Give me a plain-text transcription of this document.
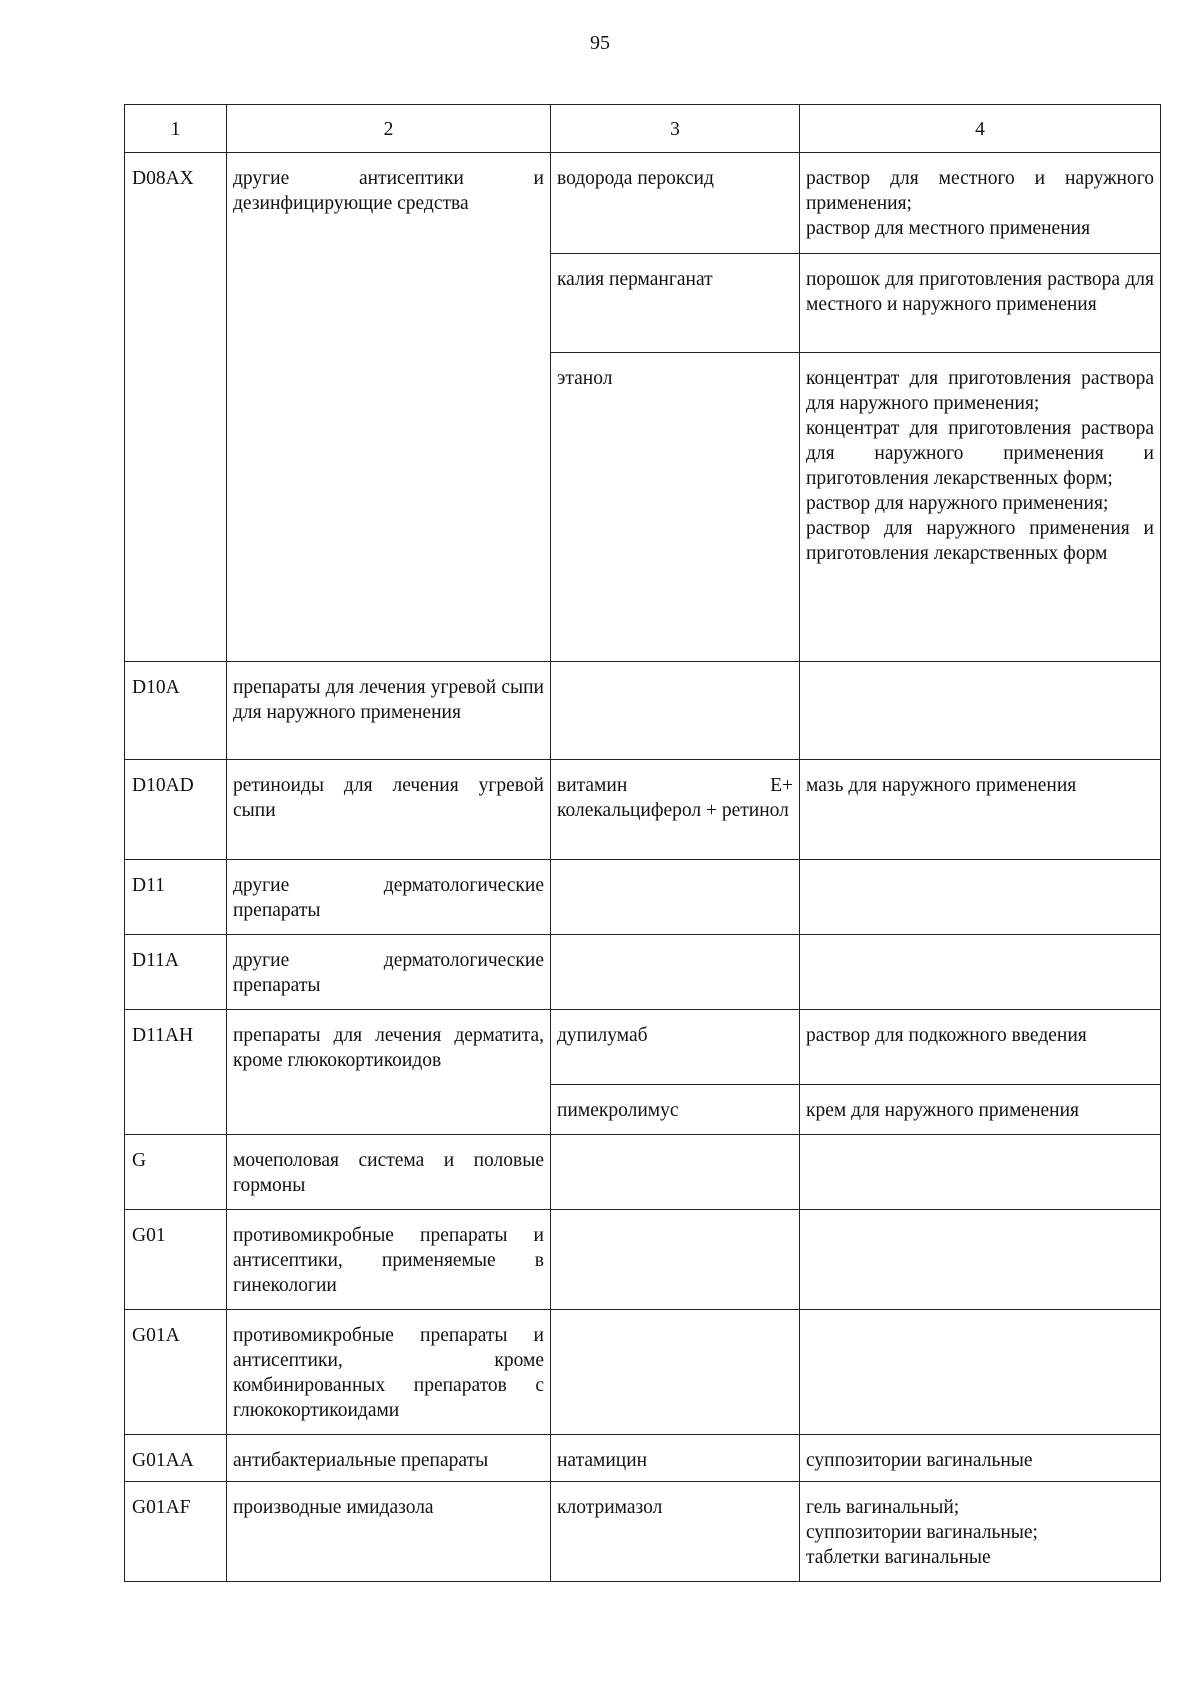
95
1	2	3	4
D08AX	другие антисептики и дезинфицирующие средства	водорода пероксид	раствор для местного и наружного применения;
раствор для местного применения

		калия перманганат	порошок для приготовления раствора для местного и наружного применения

		этанол	концентрат для приготовления раствора для наружного применения;
концентрат для приготовления раствора для наружного применения и приготовления лекарственных форм;
раствор для наружного применения;
раствор для наружного применения и приготовления лекарственных форм

D10A	препараты для лечения угревой сыпи для наружного применения		
D10AD	ретиноиды для лечения угревой сыпи	витамин Е+ колекальциферол + ретинол	мазь для наружного применения

D11	другие дерматологические препараты		
D11A	другие дерматологические препараты		
D11AH	препараты для лечения дерматита, кроме глюкокортикоидов	дупилумаб	раствор для подкожного введения

		пимекролимус	крем для наружного применения

G	мочеполовая система и половые гормоны		
G01	противомикробные препараты и антисептики, применяемые в гинекологии		
G01A	противомикробные препараты и антисептики, кроме комбинированных препаратов с глюкокортикоидами		
G01AA	антибактериальные препараты	натамицин	суппозитории вагинальные

G01AF	производные имидазола	клотримазол	гель вагинальный;
суппозитории вагинальные;
таблетки вагинальные
